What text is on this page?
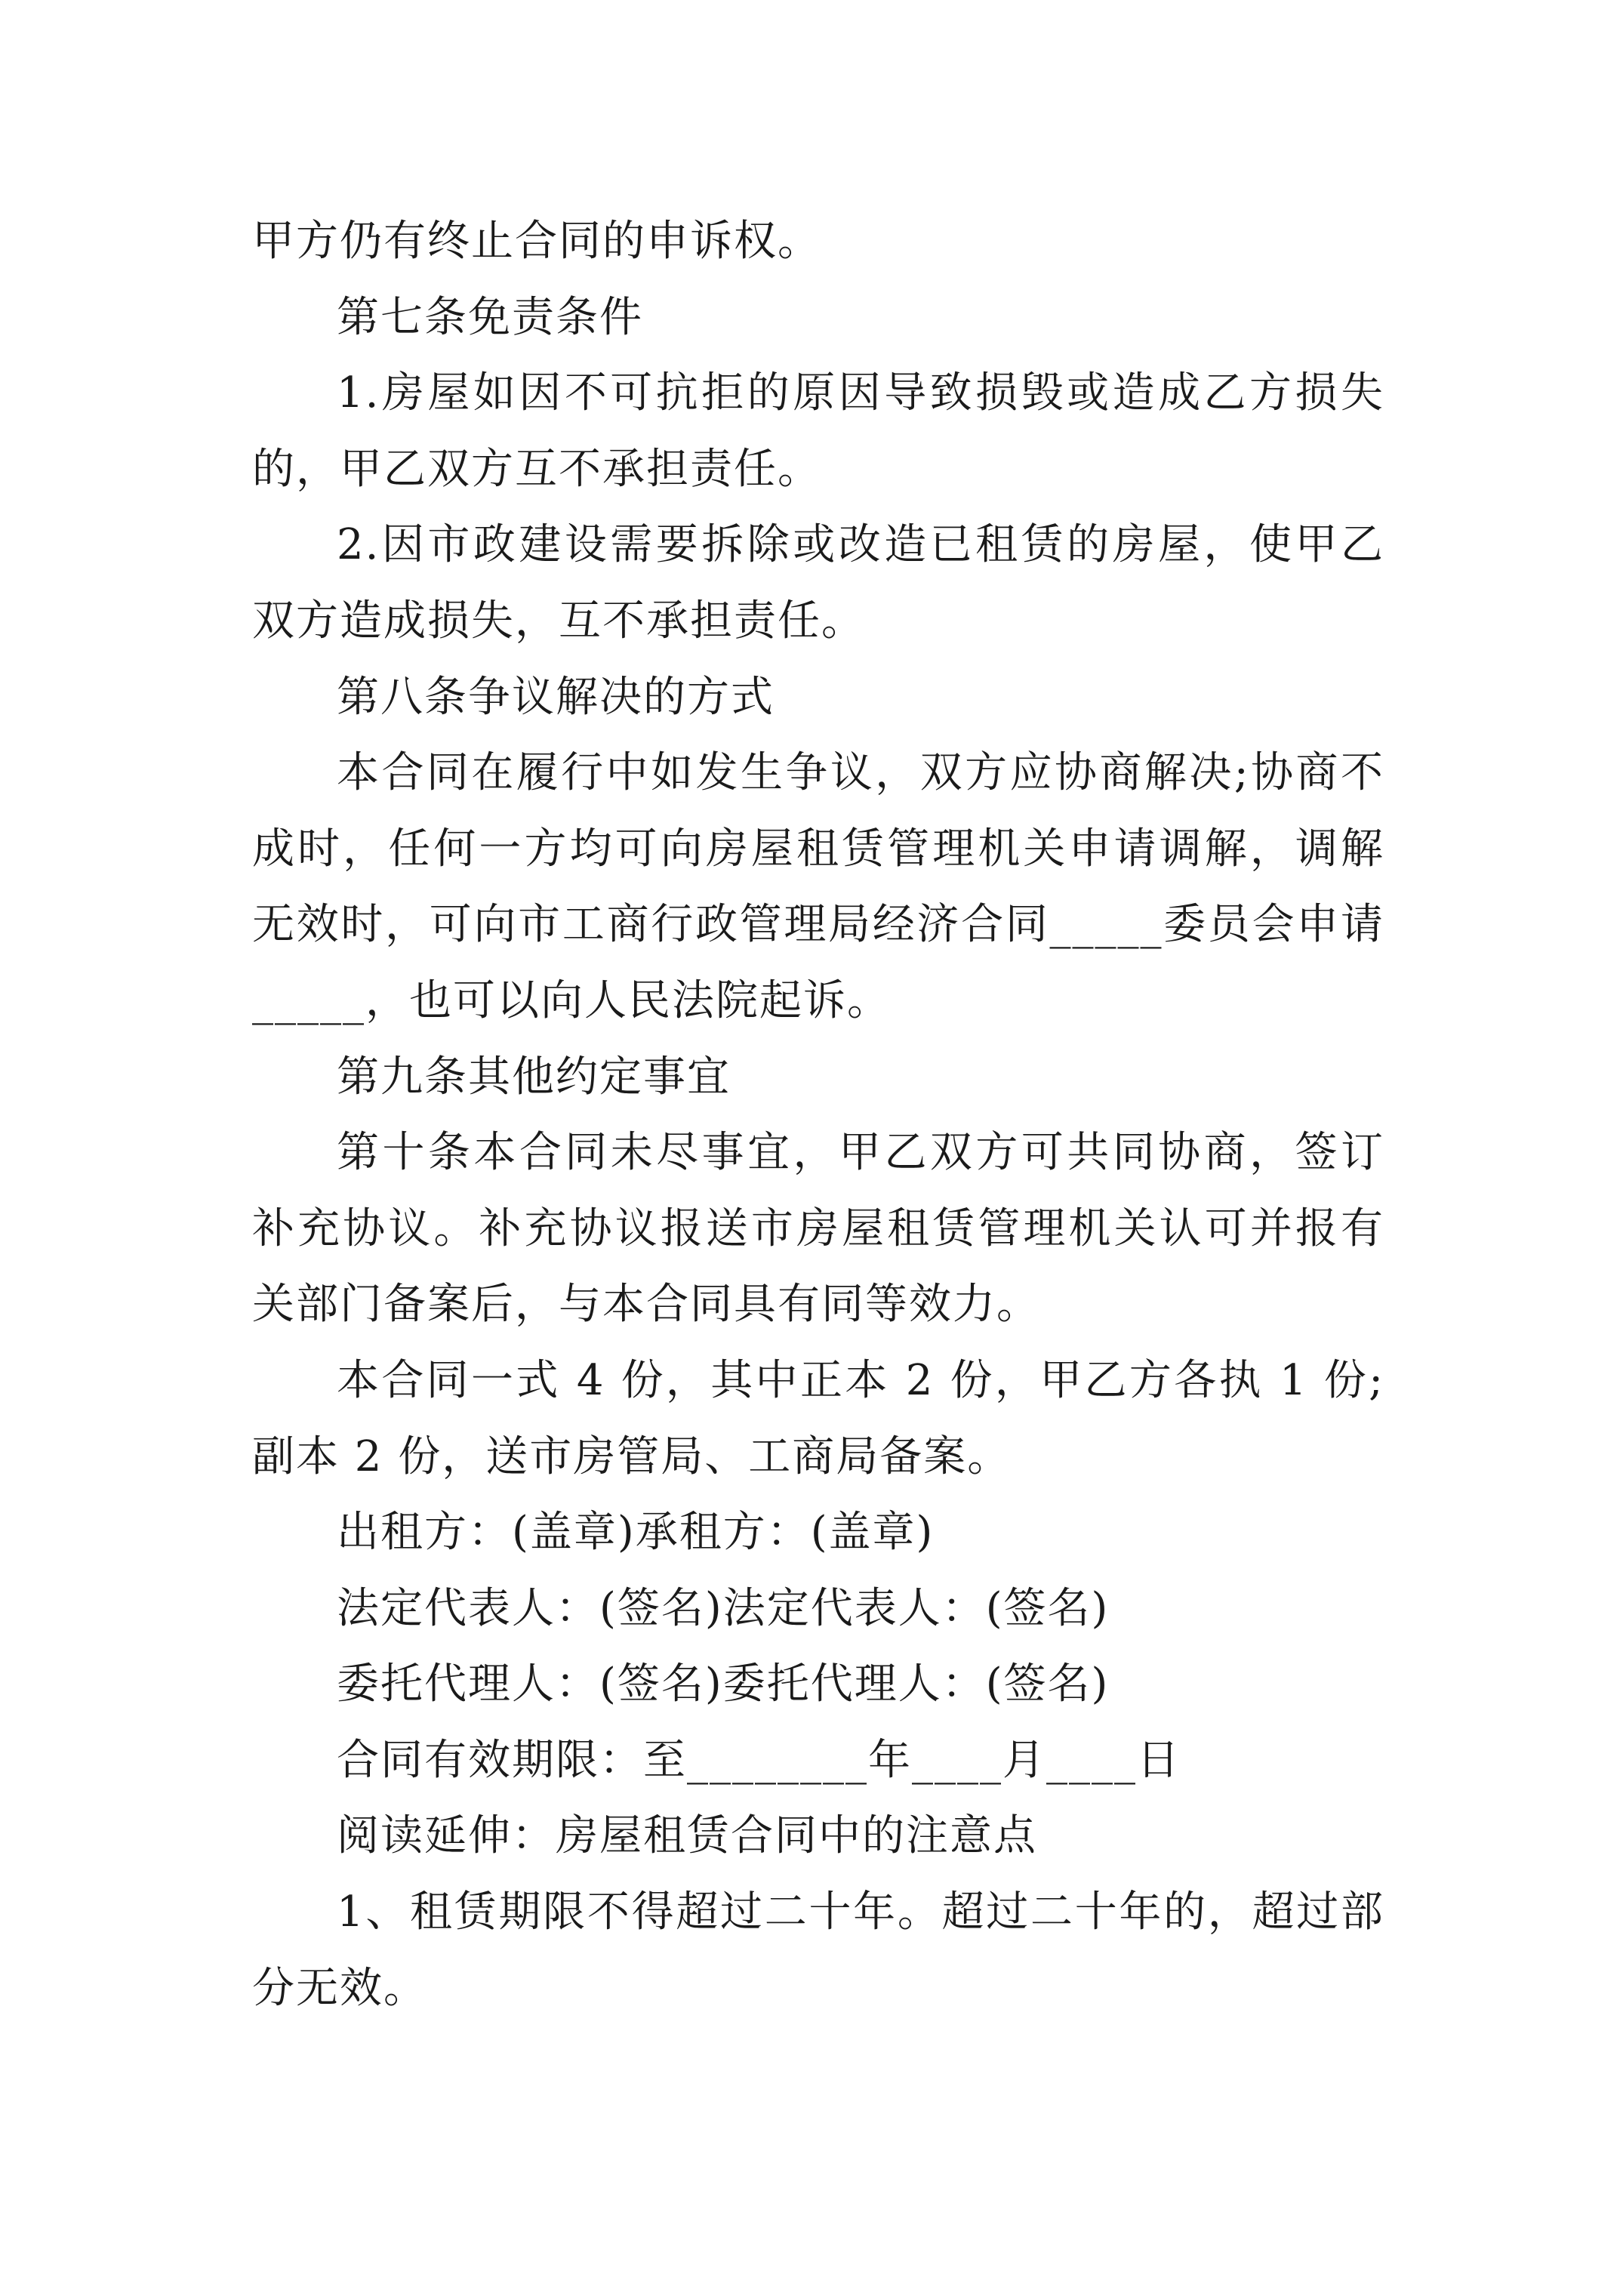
甲方仍有终止合同的申诉权。

第七条免责条件

1.房屋如因不可抗拒的原因导致损毁或造成乙方损失的，甲乙双方互不承担责任。

2.因市政建设需要拆除或改造已租赁的房屋，使甲乙双方造成损失，互不承担责任。

第八条争议解决的方式

本合同在履行中如发生争议，双方应协商解决;协商不成时，任何一方均可向房屋租赁管理机关申请调解，调解无效时，可向市工商行政管理局经济合同_____委员会申请_____，也可以向人民法院起诉。

第九条其他约定事宜

第十条本合同未尽事宜，甲乙双方可共同协商，签订补充协议。补充协议报送市房屋租赁管理机关认可并报有关部门备案后，与本合同具有同等效力。

本合同一式 4 份，其中正本 2 份，甲乙方各执 1 份;副本 2 份，送市房管局、工商局备案。

出租方：(盖章)承租方：(盖章)

法定代表人：(签名)法定代表人：(签名)

委托代理人：(签名)委托代理人：(签名)

合同有效期限：至________年____月____日

阅读延伸：房屋租赁合同中的注意点

1、租赁期限不得超过二十年。超过二十年的，超过部分无效。
